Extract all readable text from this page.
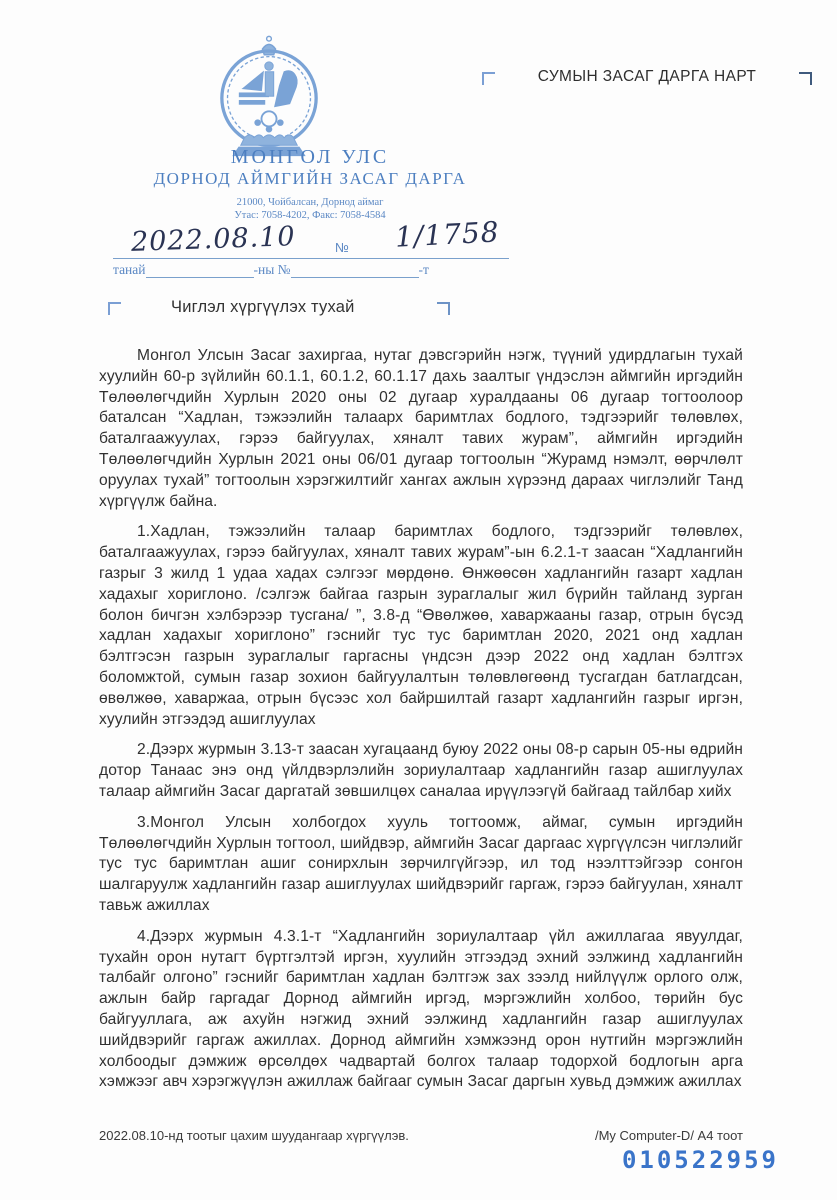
МОНГОЛ УЛС
ДОРНОД АЙМГИЙН ЗАСАГ ДАРГА
21000, Чойбалсан, Дорнод аймаг
Утас: 7058-4202, Факс: 7058-4584
СУМЫН ЗАСАГ ДАРГА НАРТ
2022.08.10	№ 1/1758
танай	-ны №	-т
Чиглэл хүргүүлэх тухай

Монгол Улсын Засаг захиргаа, нутаг дэвсгэрийн нэгж, түүний удирдлагын тухай хуулийн 60-р зүйлийн 60.1.1, 60.1.2, 60.1.17 дахь заалтыг үндэслэн аймгийн иргэдийн Төлөөлөгчдийн Хурлын 2020 оны 02 дугаар хуралдааны 06 дугаар тогтоолоор баталсан “Хадлан, тэжээлийн талаарх баримтлах бодлого, тэдгээрийг төлөвлөх, баталгаажуулах, гэрээ байгуулах, хяналт тавих журам”, аймгийн иргэдийн Төлөөлөгчдийн Хурлын 2021 оны 06/01 дугаар тогтоолын “Журамд нэмэлт, өөрчлөлт оруулах тухай” тогтоолын хэрэгжилтийг хангах ажлын хүрээнд дараах чиглэлийг Танд хүргүүлж байна.

1.Хадлан, тэжээлийн талаар баримтлах бодлого, тэдгээрийг төлөвлөх, баталгаажуулах, гэрээ байгуулах, хяналт тавих журам”-ын 6.2.1-т заасан “Хадлангийн газрыг 3 жилд 1 удаа хадах сэлгээг мөрдөнө. Өнжөөсөн хадлангийн газарт хадлан хадахыг хориглоно. /сэлгэж байгаа газрын зураглалыг жил бүрийн тайланд зурган болон бичгэн хэлбэрээр тусгана/ ”, 3.8-д “Өвөлжөө, хаваржааны газар, отрын бүсэд хадлан хадахыг хориглоно” гэснийг тус тус баримтлан 2020, 2021 онд хадлан бэлтгэсэн газрын зураглалыг гаргасны үндсэн дээр 2022 онд хадлан бэлтгэх боломжтой, сумын газар зохион байгуулалтын төлөвлөгөөнд тусгагдан батлагдсан, өвөлжөө, хаваржаа, отрын бүсээс хол байршилтай газарт хадлангийн газрыг иргэн, хуулийн этгээдэд ашиглуулах

2.Дээрх журмын 3.13-т заасан хугацаанд буюу 2022 оны 08-р сарын 05-ны өдрийн дотор Танаас энэ онд үйлдвэрлэлийн зориулалтаар хадлангийн газар ашиглуулах талаар аймгийн Засаг даргатай зөвшилцөх саналаа ирүүлээгүй байгаад тайлбар хийх

3.Монгол Улсын холбогдох хууль тогтоомж, аймаг, сумын иргэдийн Төлөөлөгчдийн Хурлын тогтоол, шийдвэр, аймгийн Засаг даргаас хүргүүлсэн чиглэлийг тус тус баримтлан ашиг сонирхлын зөрчилгүйгээр, ил тод нээлттэйгээр сонгон шалгаруулж хадлангийн газар ашиглуулах шийдвэрийг гаргаж, гэрээ байгуулан, хяналт тавьж ажиллах

4.Дээрх журмын 4.3.1-т “Хадлангийн зориулалтаар үйл ажиллагаа явуулдаг, тухайн орон нутагт бүртгэлтэй иргэн, хуулийн этгээдэд эхний ээлжинд хадлангийн талбайг олгоно” гэснийг баримтлан хадлан бэлтгэж зах зээлд нийлүүлж орлого олж, ажлын байр гаргадаг Дорнод аймгийн иргэд, мэргэжлийн холбоо, төрийн бус байгууллага, аж ахуйн нэгжид эхний ээлжинд хадлангийн газар ашиглуулах шийдвэрийг гаргаж ажиллах. Дорнод аймгийн хэмжээнд орон нутгийн мэргэжлийн холбоодыг дэмжиж өрсөлдөх чадвартай болгох талаар тодорхой бодлогын арга хэмжээг авч хэрэгжүүлэн ажиллаж байгааг сумын Засаг даргын хувьд дэмжиж ажиллах

2022.08.10-нд тоотыг цахим шуудангаар хүргүүлэв.	/My Computer-D/ А4 тоот
010522959
